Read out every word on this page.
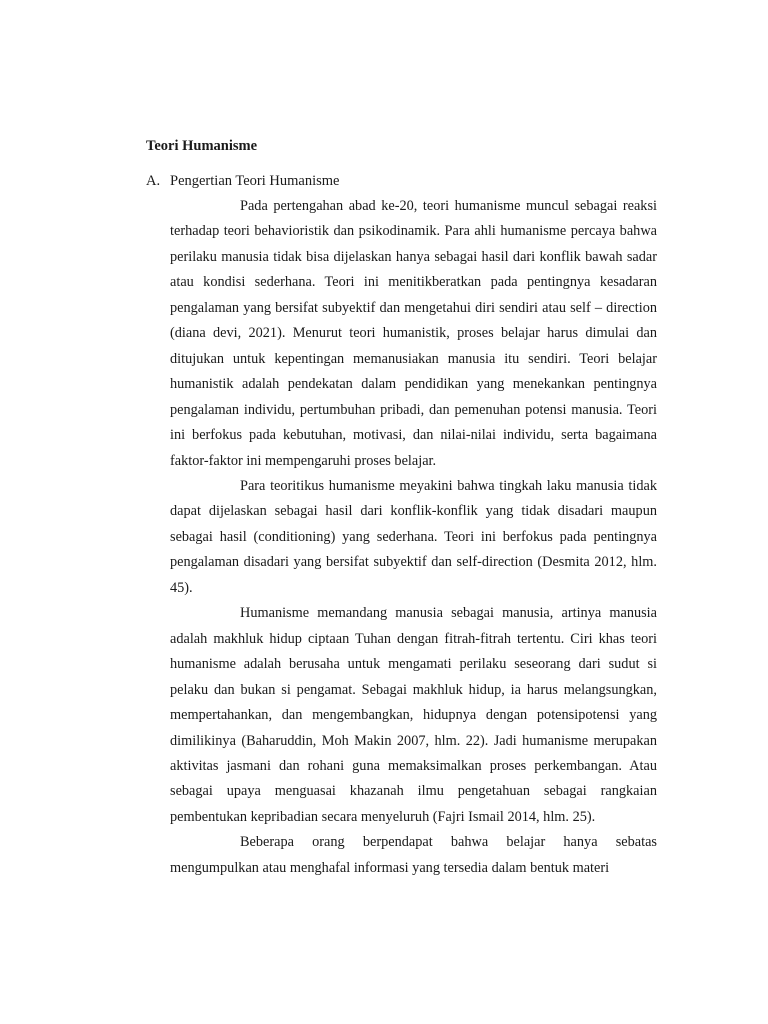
Teori Humanisme
A. Pengertian Teori Humanisme

Pada pertengahan abad ke-20, teori humanisme muncul sebagai reaksi terhadap teori behavioristik dan psikodinamik. Para ahli humanisme percaya bahwa perilaku manusia tidak bisa dijelaskan hanya sebagai hasil dari konflik bawah sadar atau kondisi sederhana. Teori ini menitikberatkan pada pentingnya kesadaran pengalaman yang bersifat subyektif dan mengetahui diri sendiri atau self – direction (diana devi, 2021). Menurut teori humanistik, proses belajar harus dimulai dan ditujukan untuk kepentingan memanusiakan manusia itu sendiri. Teori belajar humanistik adalah pendekatan dalam pendidikan yang menekankan pentingnya pengalaman individu, pertumbuhan pribadi, dan pemenuhan potensi manusia. Teori ini berfokus pada kebutuhan, motivasi, dan nilai-nilai individu, serta bagaimana faktor-faktor ini mempengaruhi proses belajar.

Para teoritikus humanisme meyakini bahwa tingkah laku manusia tidak dapat dijelaskan sebagai hasil dari konflik-konflik yang tidak disadari maupun sebagai hasil (conditioning) yang sederhana. Teori ini berfokus pada pentingnya pengalaman disadari yang bersifat subyektif dan self-direction (Desmita 2012, hlm. 45).

Humanisme memandang manusia sebagai manusia, artinya manusia adalah makhluk hidup ciptaan Tuhan dengan fitrah-fitrah tertentu. Ciri khas teori humanisme adalah berusaha untuk mengamati perilaku seseorang dari sudut si pelaku dan bukan si pengamat. Sebagai makhluk hidup, ia harus melangsungkan, mempertahankan, dan mengembangkan, hidupnya dengan potensipotensi yang dimilikinya (Baharuddin, Moh Makin 2007, hlm. 22). Jadi humanisme merupakan aktivitas jasmani dan rohani guna memaksimalkan proses perkembangan. Atau sebagai upaya menguasai khazanah ilmu pengetahuan sebagai rangkaian pembentukan kepribadian secara menyeluruh (Fajri Ismail 2014, hlm. 25).

Beberapa orang berpendapat bahwa belajar hanya sebatas mengumpulkan atau menghafal informasi yang tersedia dalam bentuk materi
